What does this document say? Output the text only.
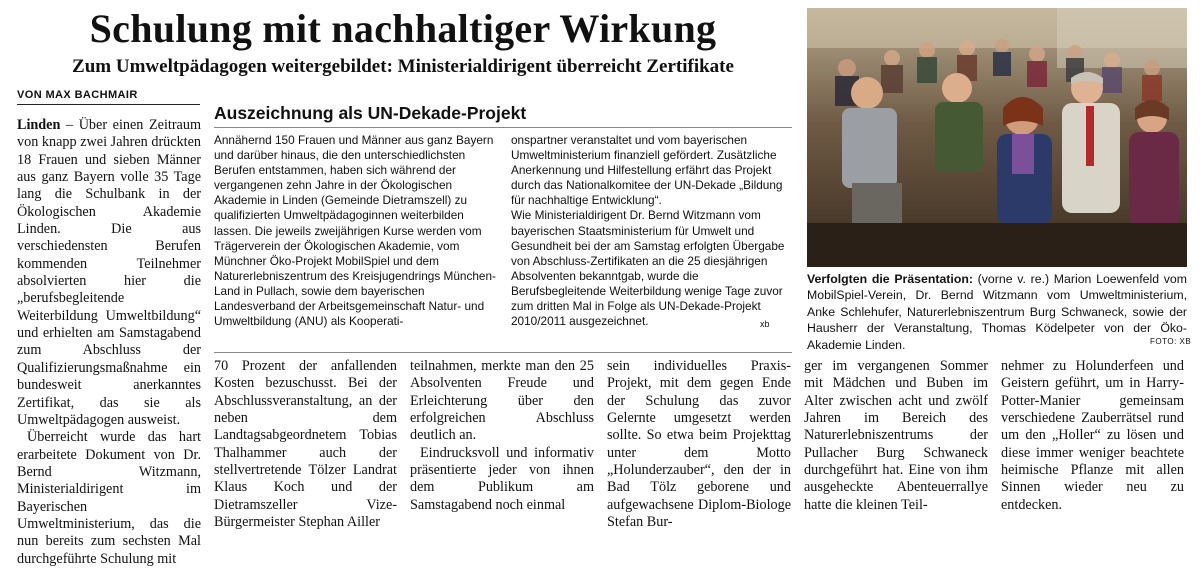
Schulung mit nachhaltiger Wirkung
Zum Umweltpädagogen weitergebildet: Ministerialdirigent überreicht Zertifikate
VON MAX BACHMAIR

Linden – Über einen Zeitraum von knapp zwei Jahren drückten 18 Frauen und sieben Männer aus ganz Bayern volle 35 Tage lang die Schulbank in der Ökologischen Akademie Linden. Die aus verschiedensten Berufen kommenden Teilnehmer absolvierten hier die „berufsbegleitende Weiterbildung Umweltbildung“ und erhielten am Samstagabend zum Abschluss der Qualifizierungsmaßnahme ein bundesweit anerkanntes Zertifikat, das sie als Umweltpädagogen ausweist.

Überreicht wurde das hart erarbeitete Dokument von Dr. Bernd Witzmann, Ministerialdirigent im Bayerischen Umweltministerium, das die nun bereits zum sechsten Mal durchgeführte Schulung mit

Auszeichnung als UN-Dekade-Projekt
Annähernd 150 Frauen und Männer aus ganz Bayern und darüber hinaus, die den unterschiedlichsten Berufen entstammen, haben sich während der vergangenen zehn Jahre in der Ökologischen Akademie in Linden (Gemeinde Dietramszell) zu qualifizierten Umweltpädagoginnen weiterbilden lassen. Die jeweils zweijährigen Kurse werden vom Trägerverein der Ökologischen Akademie, vom Münchner Öko-Projekt MobilSpiel und dem Naturerlebniszentrum des Kreisjugendrings München-Land in Pullach, sowie dem bayerischen Landesverband der Arbeitsgemeinschaft Natur- und Umweltbildung (ANU) als Kooperati-
onspartner veranstaltet und vom bayerischen Umweltministerium finanziell gefördert. Zusätzliche Anerkennung und Hilfestellung erfährt das Projekt durch das Nationalkomitee der UN-Dekade „Bildung für nachhaltige Entwicklung“.
Wie Ministerialdirigent Dr. Bernd Witzmann vom bayerischen Staatsministerium für Umwelt und Gesundheit bei der am Samstag erfolgten Übergabe von Abschluss-Zertifikaten an die 25 diesjährigen Absolventen bekanntgab, wurde die Berufsbegleitende Weiterbildung wenige Tage zuvor zum dritten Mal in Folge als UN-Dekade-Projekt 2010/2011 ausgezeichnet.	xb
70 Prozent der anfallenden Kosten bezuschusst. Bei der Abschlussveranstaltung, an der neben dem Landtagsabgeordnetem Tobias Thalhammer auch der stellvertretende Tölzer Landrat Klaus Koch und der Dietramszeller Vize-Bürgermeister Stephan Ailler

teilnahmen, merkte man den 25 Absolventen Freude und Erleichterung über den erfolgreichen Abschluss deutlich an.

Eindrucksvoll und informativ präsentierte jeder von ihnen dem Publikum am Samstagabend noch einmal

sein individuelles Praxis-Projekt, mit dem gegen Ende der Schulung das zuvor Gelernte umgesetzt werden sollte. So etwa beim Projekttag unter dem Motto „Holunderzauber“, den der in Bad Tölz geborene und aufgewachsene Diplom-Biologe Stefan Bur-
ger im vergangenen Sommer mit Mädchen und Buben im Alter zwischen acht und zwölf Jahren im Bereich des Naturerlebniszentrums der Pullacher Burg Schwaneck durchgeführt hat. Eine von ihm ausgeheckte Abenteuerrallye hatte die kleinen Teil-
nehmer zu Holunderfeen und Geistern geführt, um in Harry-Potter-Manier gemeinsam verschiedene Zauberrätsel rund um den „Holler“ zu lösen und diese immer weniger beachtete heimische Pflanze mit allen Sinnen wieder neu zu entdecken.
Verfolgten die Präsentation: (vorne v. re.) Marion Loewenfeld vom MobilSpiel-Verein, Dr. Bernd Witzmann vom Umweltministerium, Anke Schlehufer, Naturerlebniszentrum Burg Schwaneck, sowie der Hausherr der Veranstaltung, Thomas Ködelpeter von der Öko-Akademie Linden.	FOTO: XB
